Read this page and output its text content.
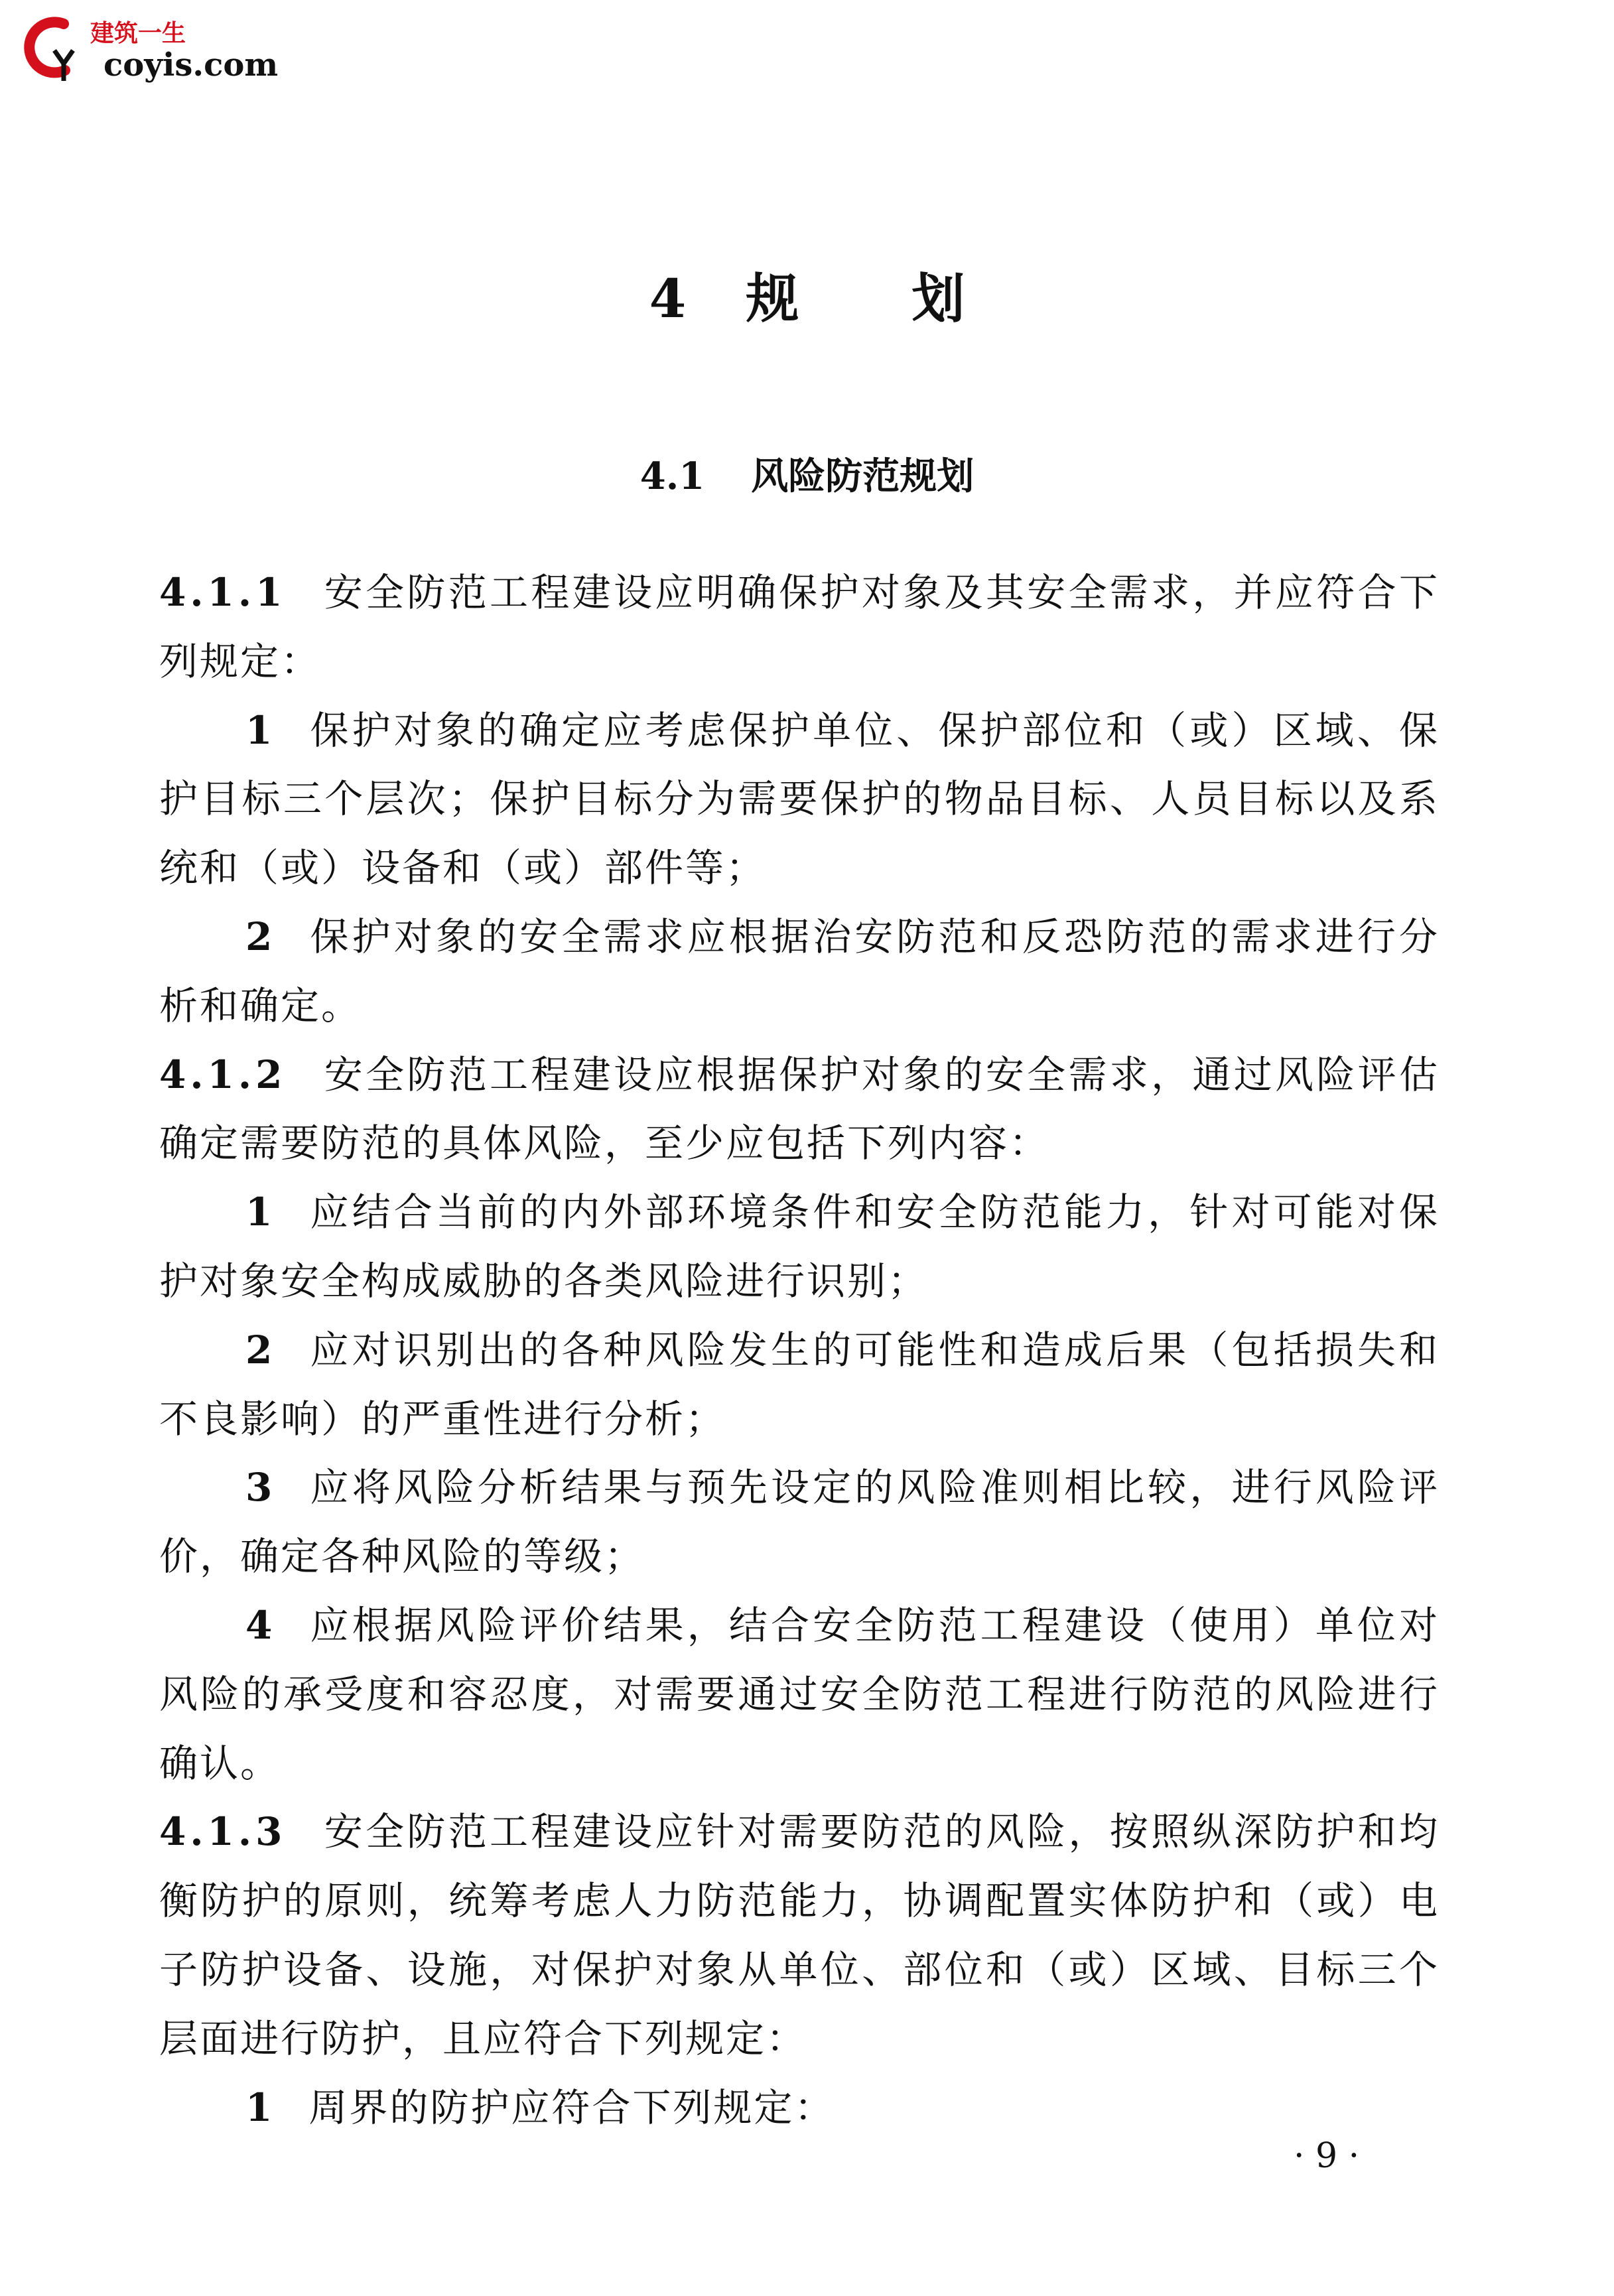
建筑一生
coyis.com
4 规 划
4.1 风险防范规划

4.1.1 安全防范工程建设应明确保护对象及其安全需求，并应符合下列规定：

1 保护对象的确定应考虑保护单位、保护部位和（或）区域、保护目标三个层次；保护目标分为需要保护的物品目标、人员目标以及系统和（或）设备和（或）部件等；

2 保护对象的安全需求应根据治安防范和反恐防范的需求进行分析和确定。

4.1.2 安全防范工程建设应根据保护对象的安全需求，通过风险评估确定需要防范的具体风险，至少应包括下列内容：

1 应结合当前的内外部环境条件和安全防范能力，针对可能对保护对象安全构成威胁的各类风险进行识别；

2 应对识别出的各种风险发生的可能性和造成后果（包括损失和不良影响）的严重性进行分析；

3 应将风险分析结果与预先设定的风险准则相比较，进行风险评价，确定各种风险的等级；

4 应根据风险评价结果，结合安全防范工程建设（使用）单位对风险的承受度和容忍度，对需要通过安全防范工程进行防范的风险进行确认。

4.1.3 安全防范工程建设应针对需要防范的风险，按照纵深防护和均衡防护的原则，统筹考虑人力防范能力，协调配置实体防护和（或）电子防护设备、设施，对保护对象从单位、部位和（或）区域、目标三个层面进行防护，且应符合下列规定：

1 周界的防护应符合下列规定：

· 9 ·
